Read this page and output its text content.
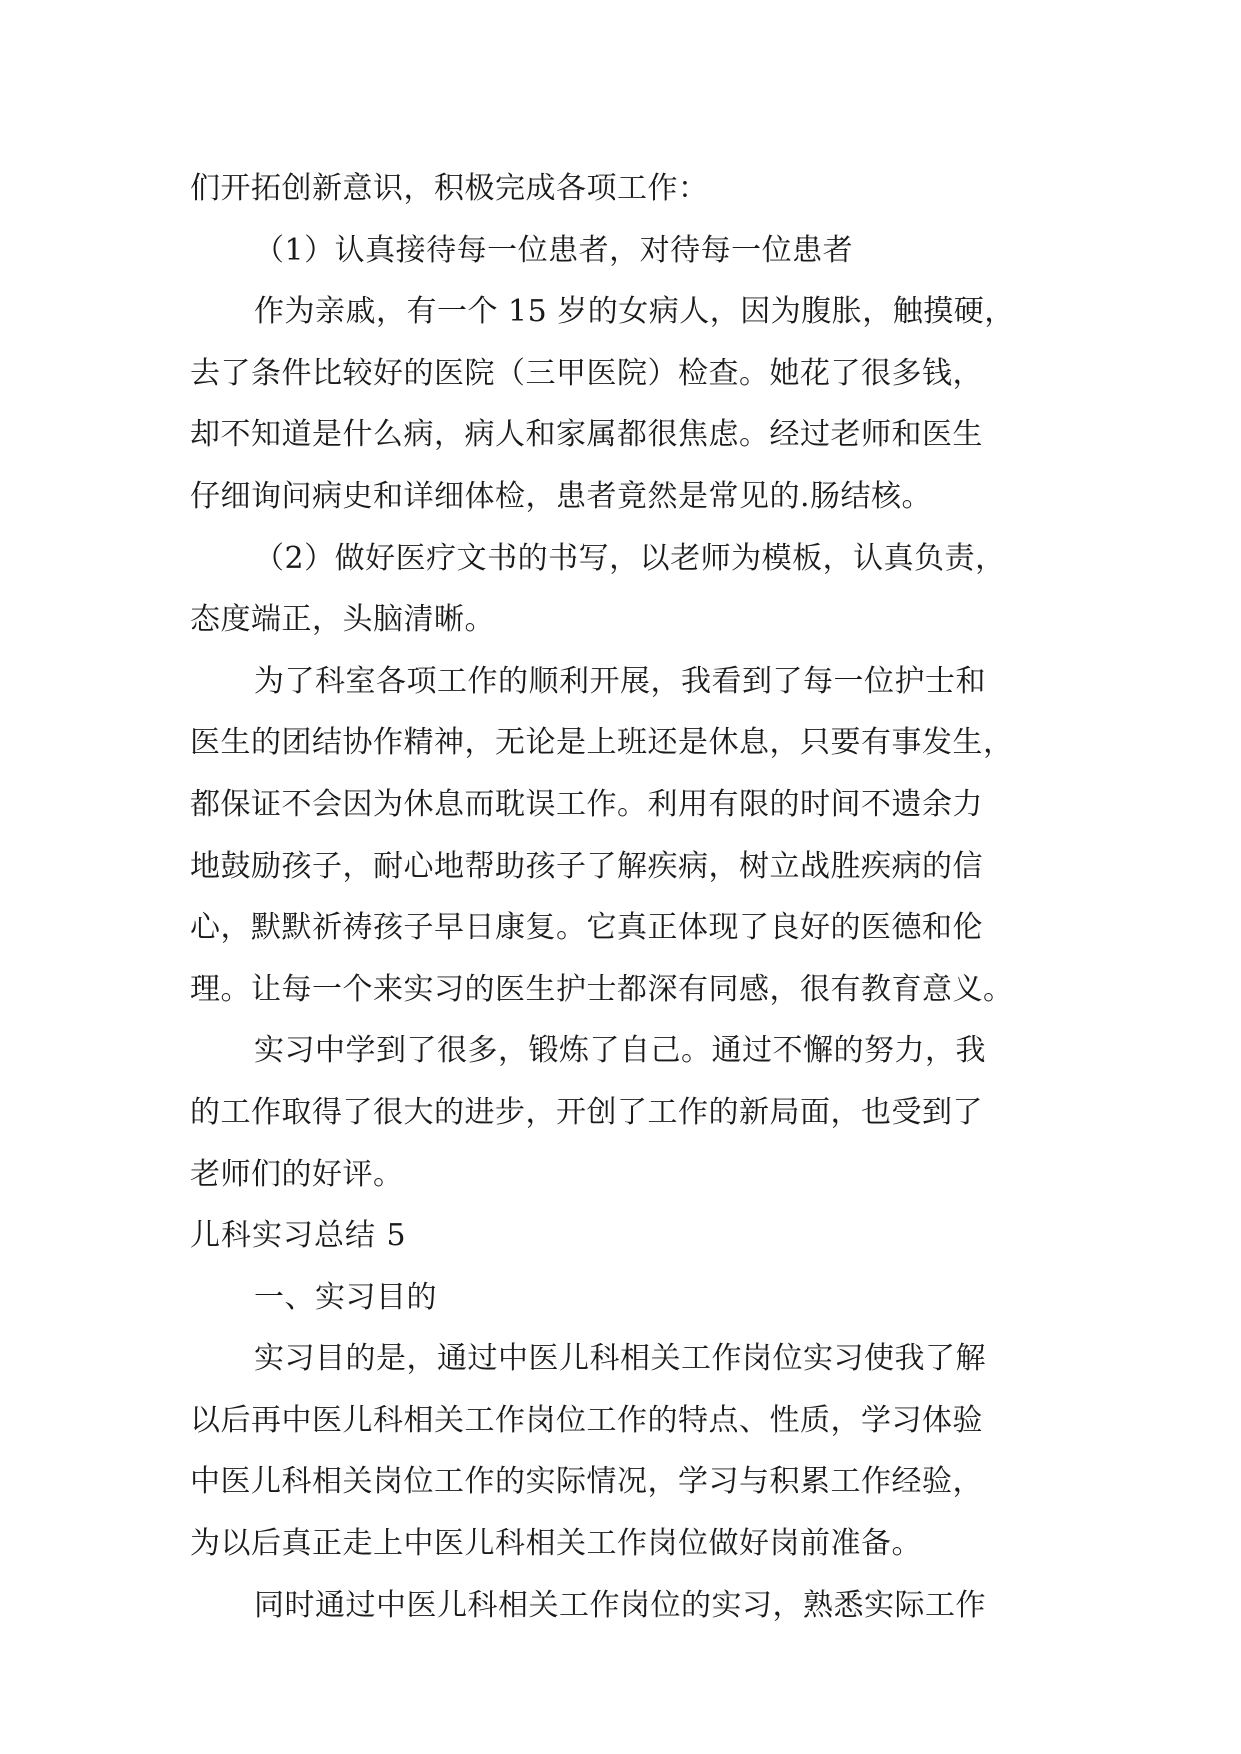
们开拓创新意识，积极完成各项工作：
（1）认真接待每一位患者，对待每一位患者
作为亲戚，有一个 15 岁的女病人，因为腹胀，触摸硬，
去了条件比较好的医院（三甲医院）检查。她花了很多钱，
却不知道是什么病，病人和家属都很焦虑。经过老师和医生
仔细询问病史和详细体检，患者竟然是常见的.肠结核。
（2）做好医疗文书的书写，以老师为模板，认真负责，
态度端正，头脑清晰。
为了科室各项工作的顺利开展，我看到了每一位护士和
医生的团结协作精神，无论是上班还是休息，只要有事发生，
都保证不会因为休息而耽误工作。利用有限的时间不遗余力
地鼓励孩子，耐心地帮助孩子了解疾病，树立战胜疾病的信
心，默默祈祷孩子早日康复。它真正体现了良好的医德和伦
理。让每一个来实习的医生护士都深有同感，很有教育意义。
实习中学到了很多，锻炼了自己。通过不懈的努力，我
的工作取得了很大的进步，开创了工作的新局面，也受到了
老师们的好评。
儿科实习总结 5
一、实习目的
实习目的是，通过中医儿科相关工作岗位实习使我了解
以后再中医儿科相关工作岗位工作的特点、性质，学习体验
中医儿科相关岗位工作的实际情况，学习与积累工作经验，
为以后真正走上中医儿科相关工作岗位做好岗前准备。
同时通过中医儿科相关工作岗位的实习，熟悉实际工作
